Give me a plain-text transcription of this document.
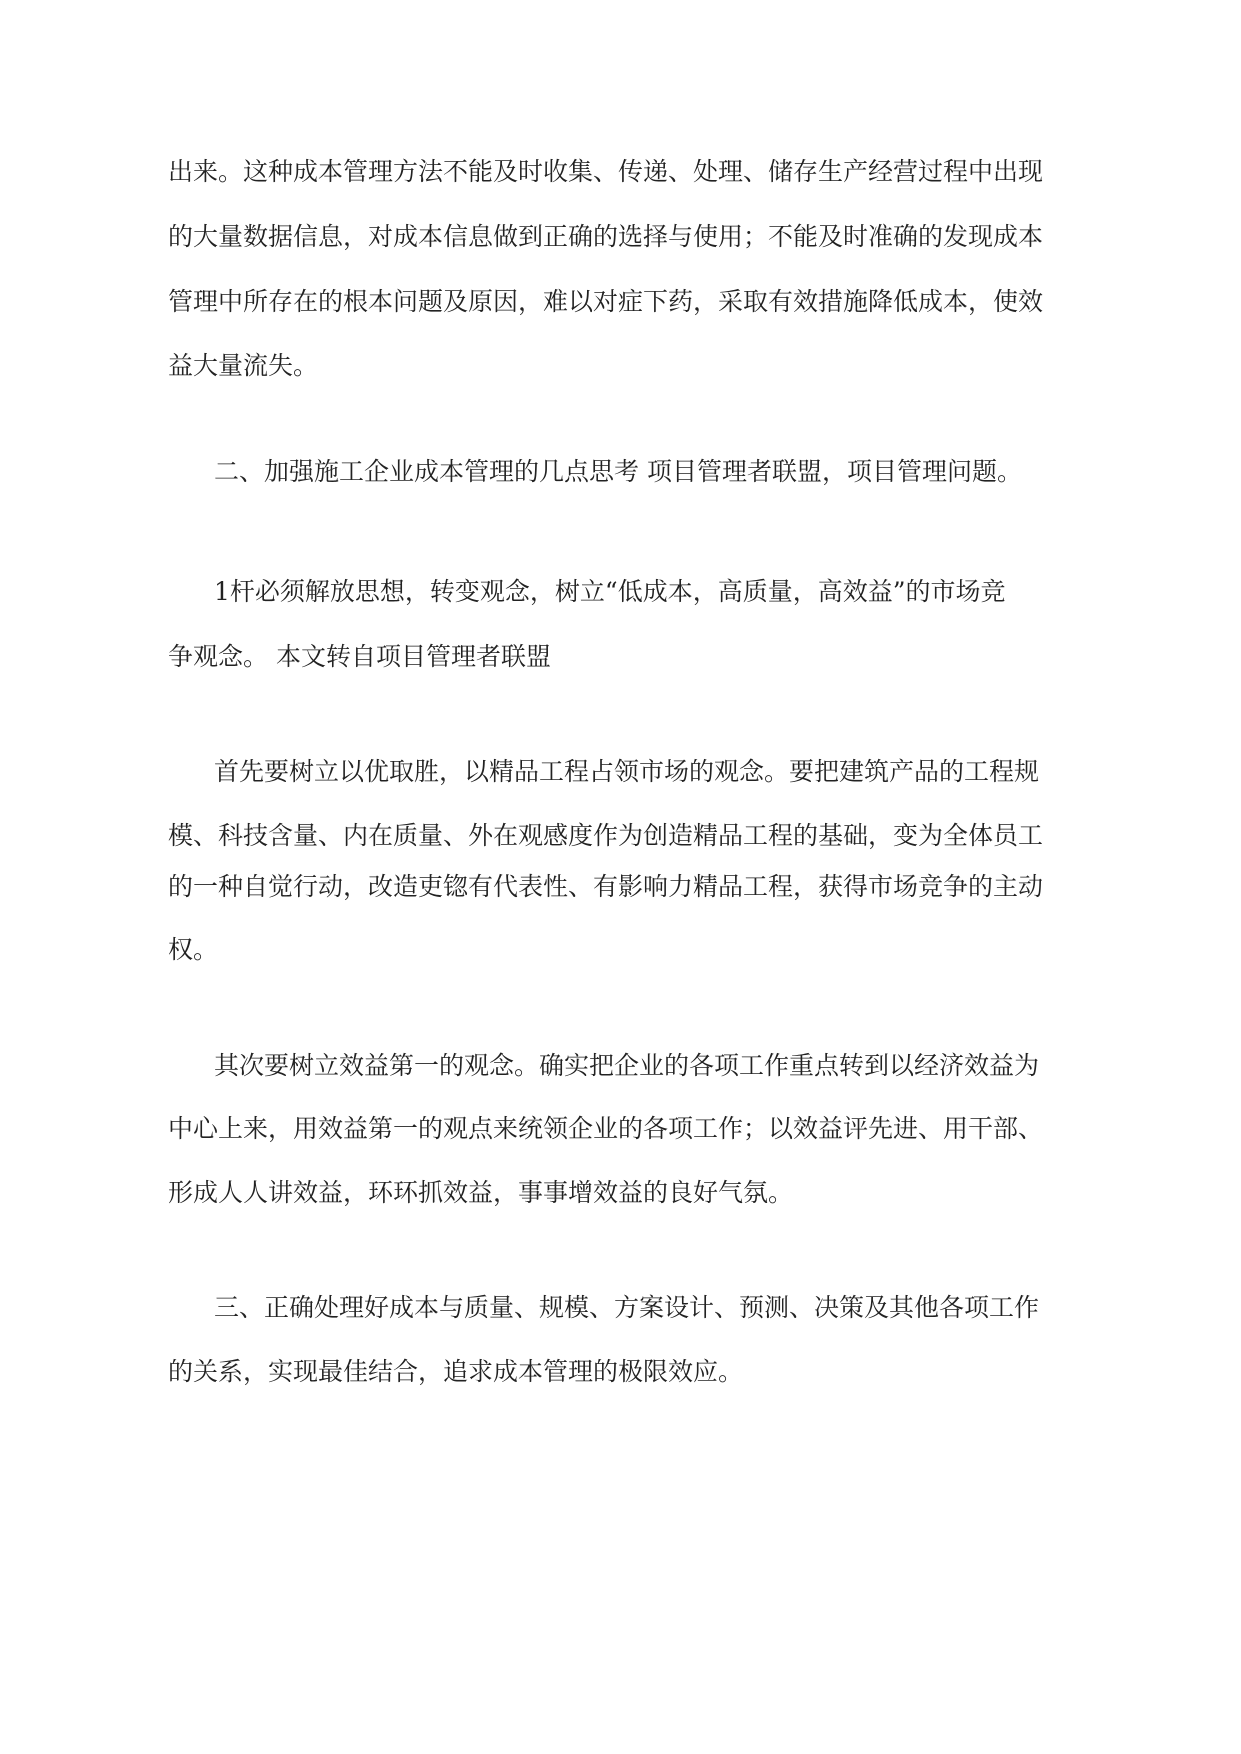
出来。这种成本管理方法不能及时收集、传递、处理、储存生产经营过程中出现
的大量数据信息，对成本信息做到正确的选择与使用；不能及时准确的发现成本
管理中所存在的根本问题及原因，难以对症下药，采取有效措施降低成本，使效
益大量流失。
二、加强施工企业成本管理的几点思考 项目管理者联盟，项目管理问题。
1杆必须解放思想，转变观念，树立“低成本，高质量，高效益”的市场竞
争观念。 本文转自项目管理者联盟
首先要树立以优取胜，以精品工程占领市场的观念。要把建筑产品的工程规
模、科技含量、内在质量、外在观感度作为创造精品工程的基础，变为全体员工
的一种自觉行动，改造吏锪有代表性、有影响力精品工程，获得市场竞争的主动
权。
其次要树立效益第一的观念。确实把企业的各项工作重点转到以经济效益为
中心上来，用效益第一的观点来统领企业的各项工作；以效益评先进、用干部、
形成人人讲效益，环环抓效益，事事增效益的良好气氛。
三、正确处理好成本与质量、规模、方案设计、预测、决策及其他各项工作
的关系，实现最佳结合，追求成本管理的极限效应。
